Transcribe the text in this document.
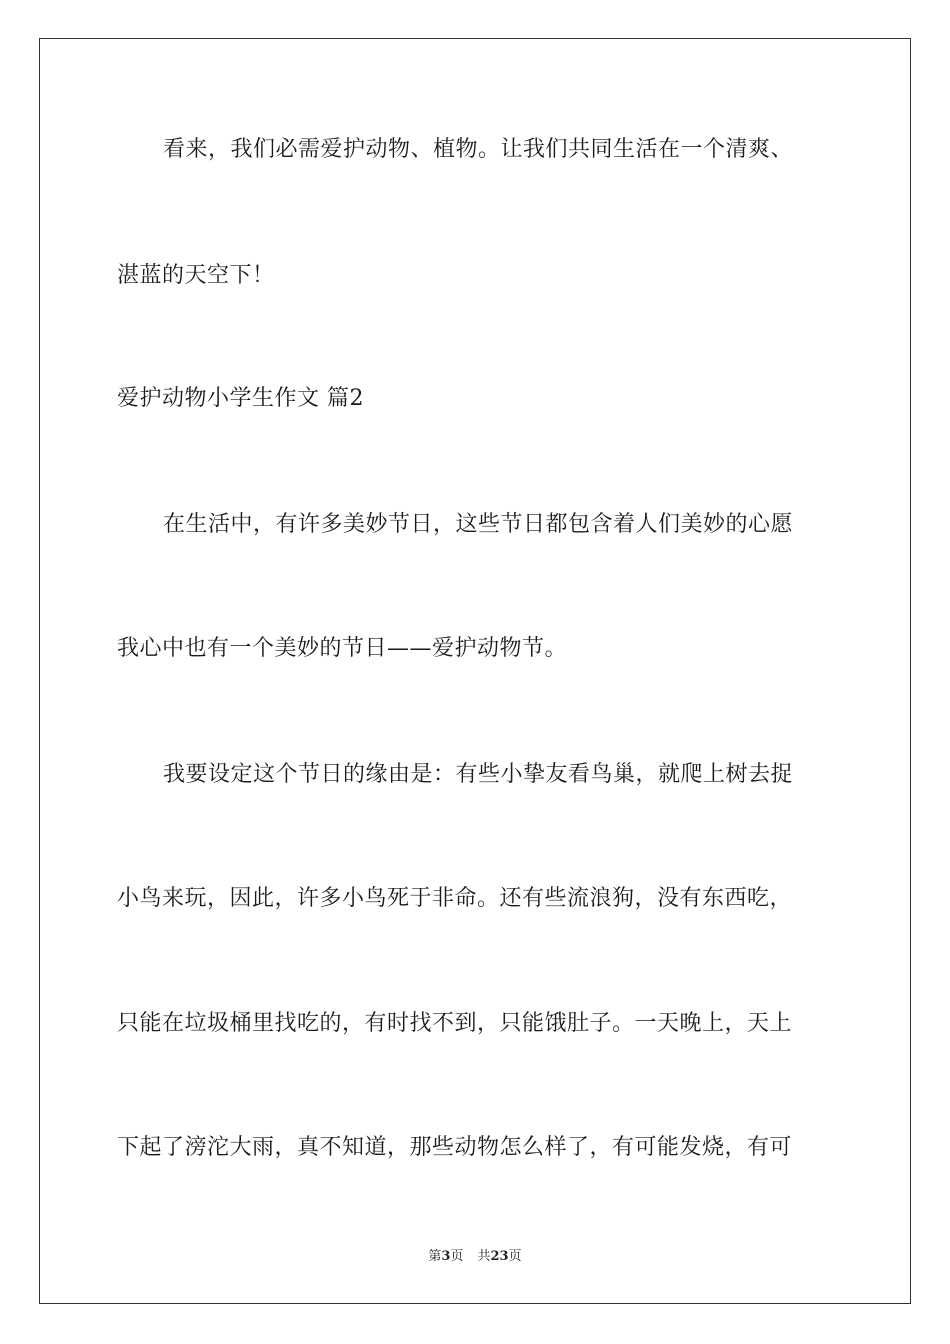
看来，我们必需爱护动物、植物。让我们共同生活在一个清爽、
湛蓝的天空下！
爱护动物小学生作文 篇2
在生活中，有许多美妙节日，这些节日都包含着人们美妙的心愿
我心中也有一个美妙的节日——爱护动物节。
我要设定这个节日的缘由是：有些小挚友看鸟巢，就爬上树去捉
小鸟来玩，因此，许多小鸟死于非命。还有些流浪狗，没有东西吃，
只能在垃圾桶里找吃的，有时找不到，只能饿肚子。一天晚上，天上
下起了滂沱大雨，真不知道，那些动物怎么样了，有可能发烧，有可
第3页 共23页
